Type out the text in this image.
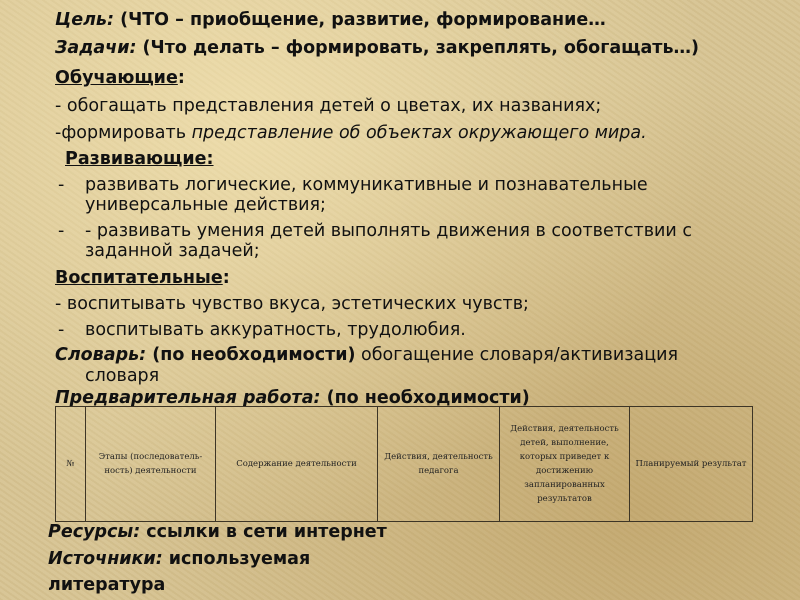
Цель: (ЧТО – приобщение, развитие, формирование…
Задачи: (Что делать – формировать, закреплять, обогащать…)
Обучающие:
- обогащать представления детей о цветах, их названиях;
-формировать представление об объектах окружающего мира.
Развивающие:
- развивать логические, коммуникативные и познавательные
универсальные действия;
- - развивать умения детей выполнять движения в соответствии с
заданной задачей;
Воспитательные:
- воспитывать чувство вкуса, эстетических чувств;
- воспитывать аккуратность, трудолюбия.
Словарь: (по необходимости) обогащение словаря/активизация
словаря
Предварительная работа: (по необходимости)
№	Этапы (последователь-ность) деятельности	Содержание деятельности	Действия, деятельность педагога	Действия, деятельность детей, выполнение, которых приведет к достижению запланированных результатов	Планируемый результат
Ресурсы: ссылки в сети интернет
Источники: используемая
литература
